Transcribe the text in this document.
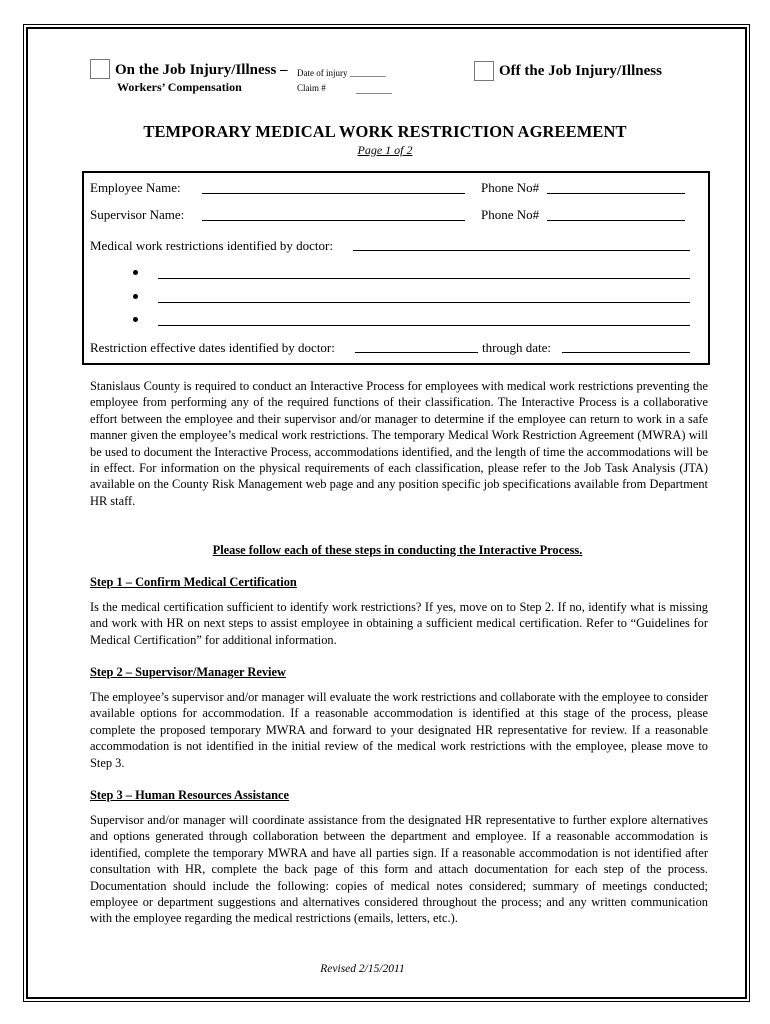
On the Job Injury/Illness –
Workers’ Compensation
Date of injury ________
Claim #	________
Off the Job Injury/Illness
TEMPORARY MEDICAL WORK RESTRICTION AGREEMENT
Page 1 of 2
Employee Name:	Phone No#
Supervisor Name:	Phone No#
Medical work restrictions identified by doctor:
Restriction effective dates identified by doctor:	through date:
Stanislaus County is required to conduct an Interactive Process for employees with medical work restrictions preventing the employee from performing any of the required functions of their classification. The Interactive Process is a collaborative effort between the employee and their supervisor and/or manager to determine if the employee can return to work in a safe manner given the employee’s medical work restrictions. The temporary Medical Work Restriction Agreement (MWRA) will be used to document the Interactive Process, accommodations identified, and the length of time the accommodations will be in effect. For information on the physical requirements of each classification, please refer to the Job Task Analysis (JTA) available on the County Risk Management web page and any position specific job specifications available from Department HR staff.
Please follow each of these steps in conducting the Interactive Process.
Step 1 – Confirm Medical Certification
Is the medical certification sufficient to identify work restrictions? If yes, move on to Step 2. If no, identify what is missing and work with HR on next steps to assist employee in obtaining a sufficient medical certification. Refer to “Guidelines for Medical Certification” for additional information.
Step 2 – Supervisor/Manager Review
The employee’s supervisor and/or manager will evaluate the work restrictions and collaborate with the employee to consider available options for accommodation. If a reasonable accommodation is identified at this stage of the process, please complete the proposed temporary MWRA and forward to your designated HR representative for review. If a reasonable accommodation is not identified in the initial review of the medical work restrictions with the employee, please move to Step 3.
Step 3 – Human Resources Assistance
Supervisor and/or manager will coordinate assistance from the designated HR representative to further explore alternatives and options generated through collaboration between the department and employee. If a reasonable accommodation is identified, complete the temporary MWRA and have all parties sign. If a reasonable accommodation is not identified after consultation with HR, complete the back page of this form and attach documentation for each step of the process. Documentation should include the following: copies of medical notes considered; summary of meetings conducted; employee or department suggestions and alternatives considered throughout the process; and any written communication with the employee regarding the medical restrictions (emails, letters, etc.).
Revised 2/15/2011
